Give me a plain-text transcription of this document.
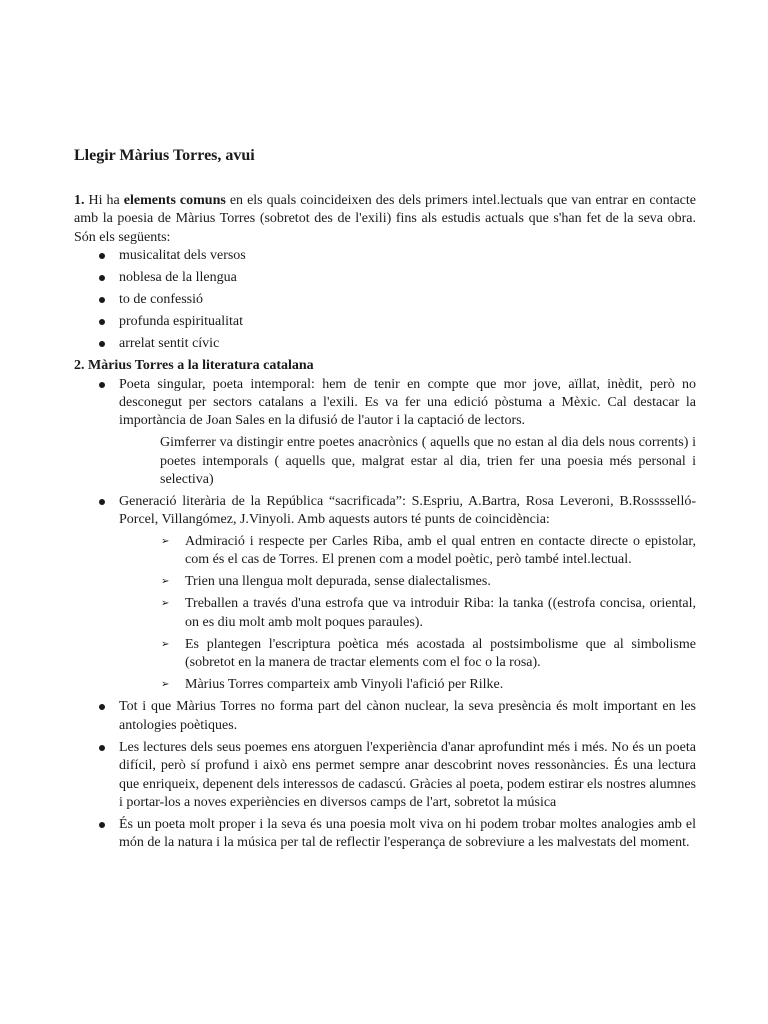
Llegir Màrius Torres, avui

1. Hi ha elements comuns en els quals coincideixen des dels primers intel.lectuals que van entrar en contacte amb la poesia de Màrius Torres (sobretot des de l'exili) fins als estudis actuals que s'han fet de la seva obra. Són els següents:

musicalitat dels versos
noblesa de la llengua
to de confessió
profunda espiritualitat
arrelat sentit cívic

2. Màrius Torres a la literatura catalana

Poeta singular, poeta intemporal: hem de tenir en compte que mor jove, aïllat, inèdit, però no desconegut per sectors catalans a l'exili. Es va fer una edició pòstuma a Mèxic. Cal destacar la importància de Joan Sales en la difusió de l'autor i la captació de lectors.

Gimferrer va distingir entre poetes anacrònics ( aquells que no estan al dia dels nous corrents) i poetes intemporals ( aquells que, malgrat estar al dia, trien fer una poesia més personal i selectiva)

Generació literària de la República “sacrificada”: S.Espriu, A.Bartra, Rosa Leveroni, B.Rosssselló- Porcel, Villangómez, J.Vinyoli. Amb aquests autors té punts de coincidència:
➢ Admiració i respecte per Carles Riba, amb el qual entren en contacte directe o epistolar, com és el cas de Torres. El prenen com a model poètic, però també intel.lectual.
➢ Trien una llengua molt depurada, sense dialectalismes.
➢ Treballen a través d'una estrofa que va introduir Riba: la tanka ((estrofa concisa, oriental, on es diu molt amb molt poques paraules).
➢ Es plantegen l'escriptura poètica més acostada al postsimbolisme que al simbolisme (sobretot en la manera de tractar elements com el foc o la rosa).
➢ Màrius Torres comparteix amb Vinyoli l'afició per Rilke.
Tot i que Màrius Torres no forma part del cànon nuclear, la seva presència és molt important en les antologies poètiques.
Les lectures dels seus poemes ens atorguen l'experiència d'anar aprofundint més i més. No és un poeta difícil, però sí profund i això ens permet sempre anar descobrint noves ressonàncies. És una lectura que enriqueix, depenent dels interessos de cadascú. Gràcies al poeta, podem estirar els nostres alumnes i portar-los a noves experiències en diversos camps de l'art, sobretot la música
És un poeta molt proper i la seva és una poesia molt viva on hi podem trobar moltes analogies amb el món de la natura i la música per tal de reflectir l'esperança de sobreviure a les malvestats del moment.
